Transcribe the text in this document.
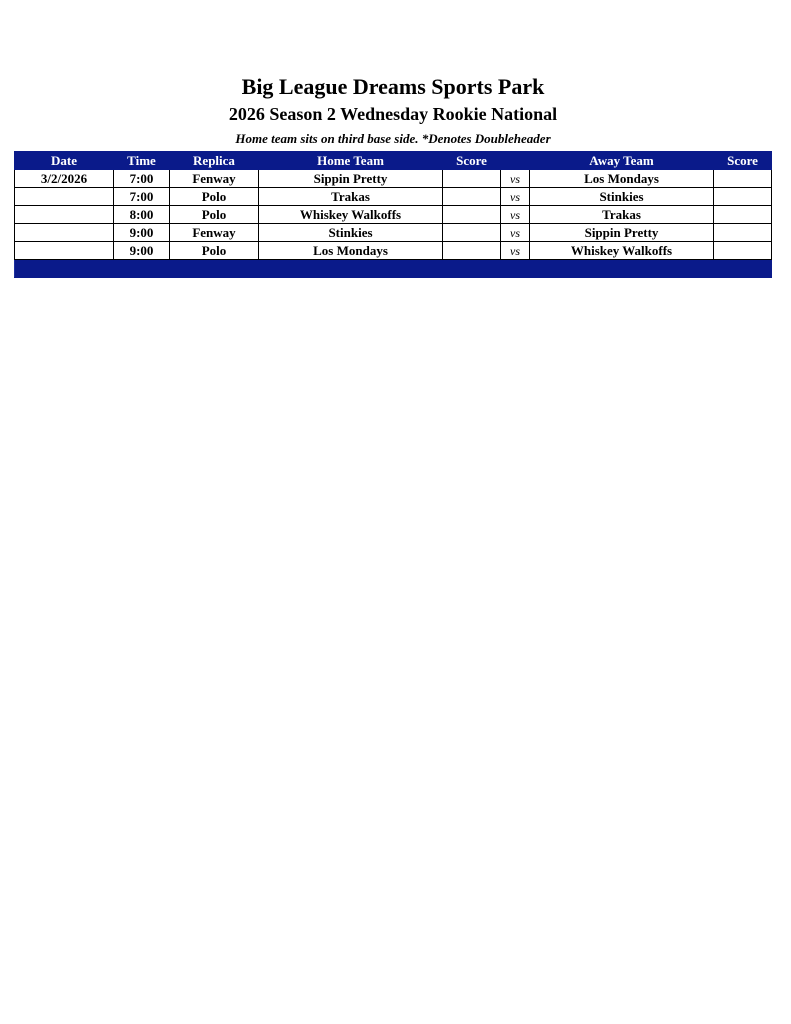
Big League Dreams Sports Park
2026 Season 2 Wednesday Rookie National
Home team sits on third base side. *Denotes Doubleheader
Date	Time	Replica	Home Team	Score		Away Team	Score
3/2/2026	7:00	Fenway	Sippin Pretty		vs	Los Mondays	
	7:00	Polo	Trakas		vs	Stinkies	
	8:00	Polo	Whiskey Walkoffs		vs	Trakas	
	9:00	Fenway	Stinkies		vs	Sippin Pretty	
	9:00	Polo	Los Mondays		vs	Whiskey Walkoffs	
